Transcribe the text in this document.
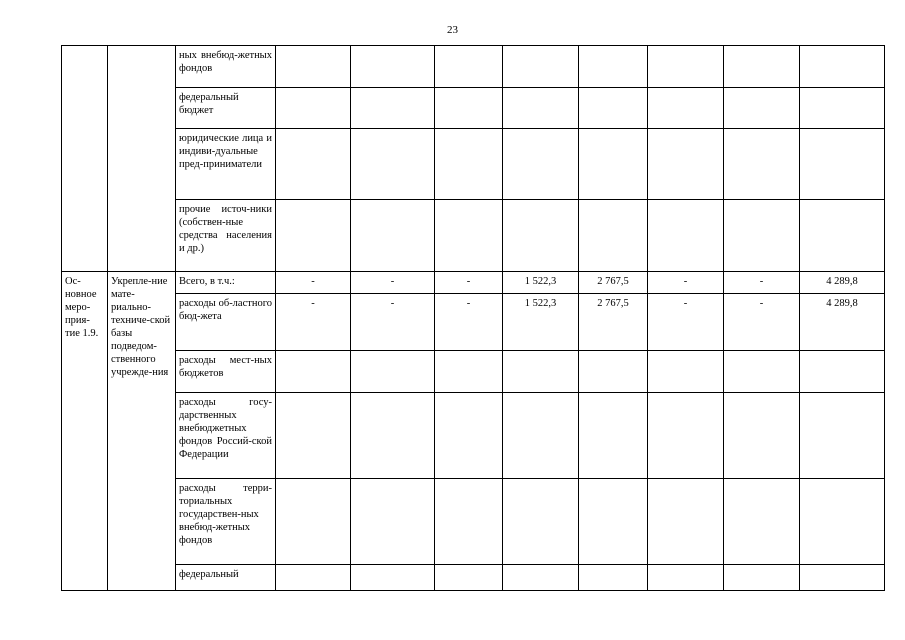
23
		ных внебюд-жетных фондов								
		федеральный бюджет								
		юридические лица и индиви-дуальные пред-приниматели								
		прочие источ-ники (собствен-ные средства населения и др.)								
Ос-новное меро-прия-тие 1.9.	Укрепле-ние мате-риально-техниче-ской базы подведом-ственного учрежде-ния	Всего, в т.ч.:	-	-	-	1 522,3	2 767,5	-	-	4 289,8
		расходы об-ластного бюд-жета	-	-	-	1 522,3	2 767,5	-	-	4 289,8
		расходы мест-ных бюджетов								
		расходы госу-дарственных внебюджетных фондов Россий-ской Федерации								
		расходы терри-ториальных государствен-ных внебюд-жетных фондов								
		федеральный								
